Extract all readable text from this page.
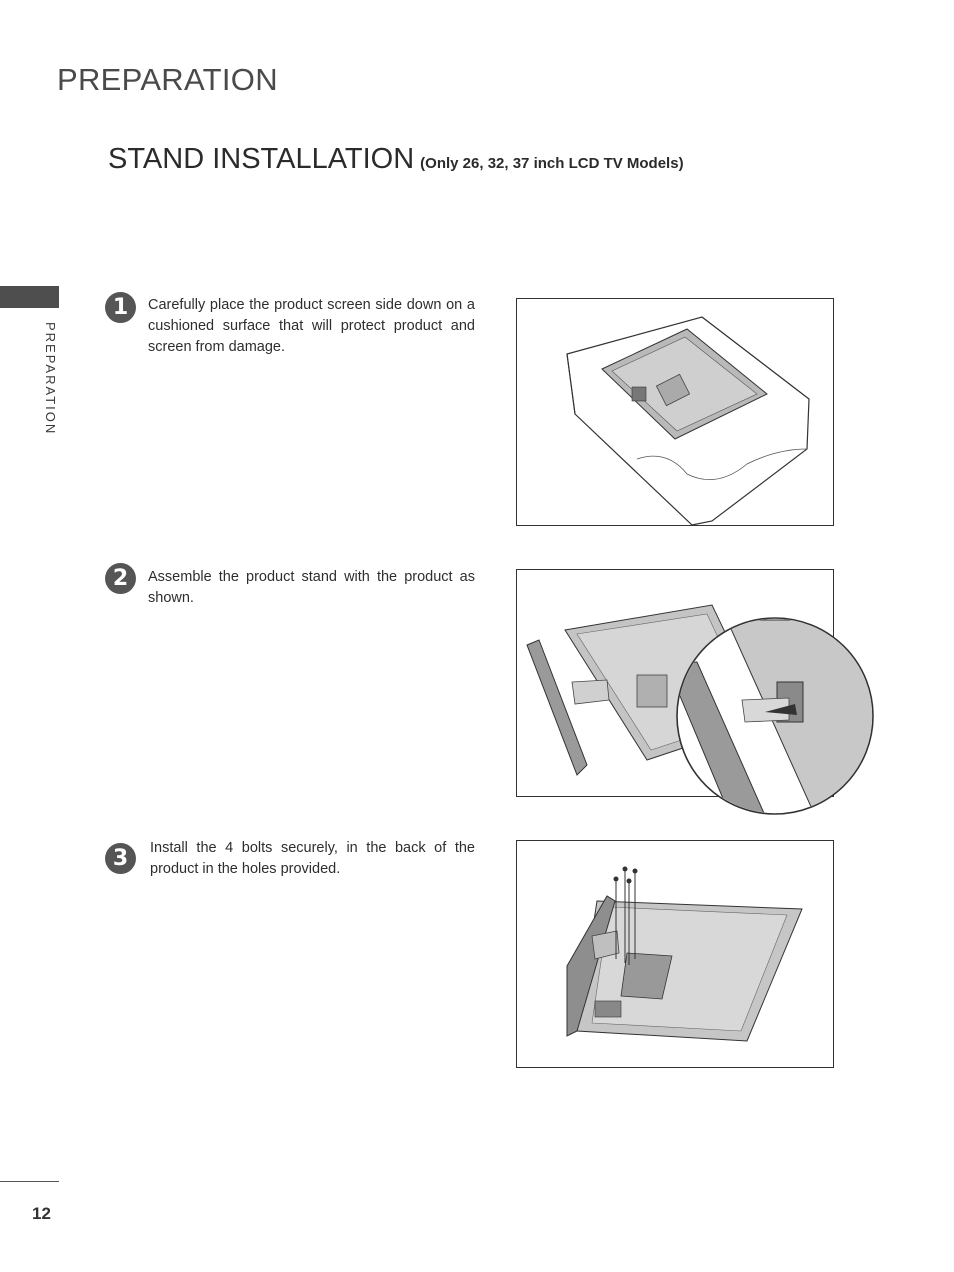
PREPARATION
STAND INSTALLATION (Only 26, 32, 37 inch LCD TV Models)
PREPARATION
1	Carefully place the product screen side down on a cushioned surface that will protect product and screen from damage.
2	Assemble the product stand with the product as shown.
3	Install the 4 bolts securely, in the back of the product in the holes provided.
12
